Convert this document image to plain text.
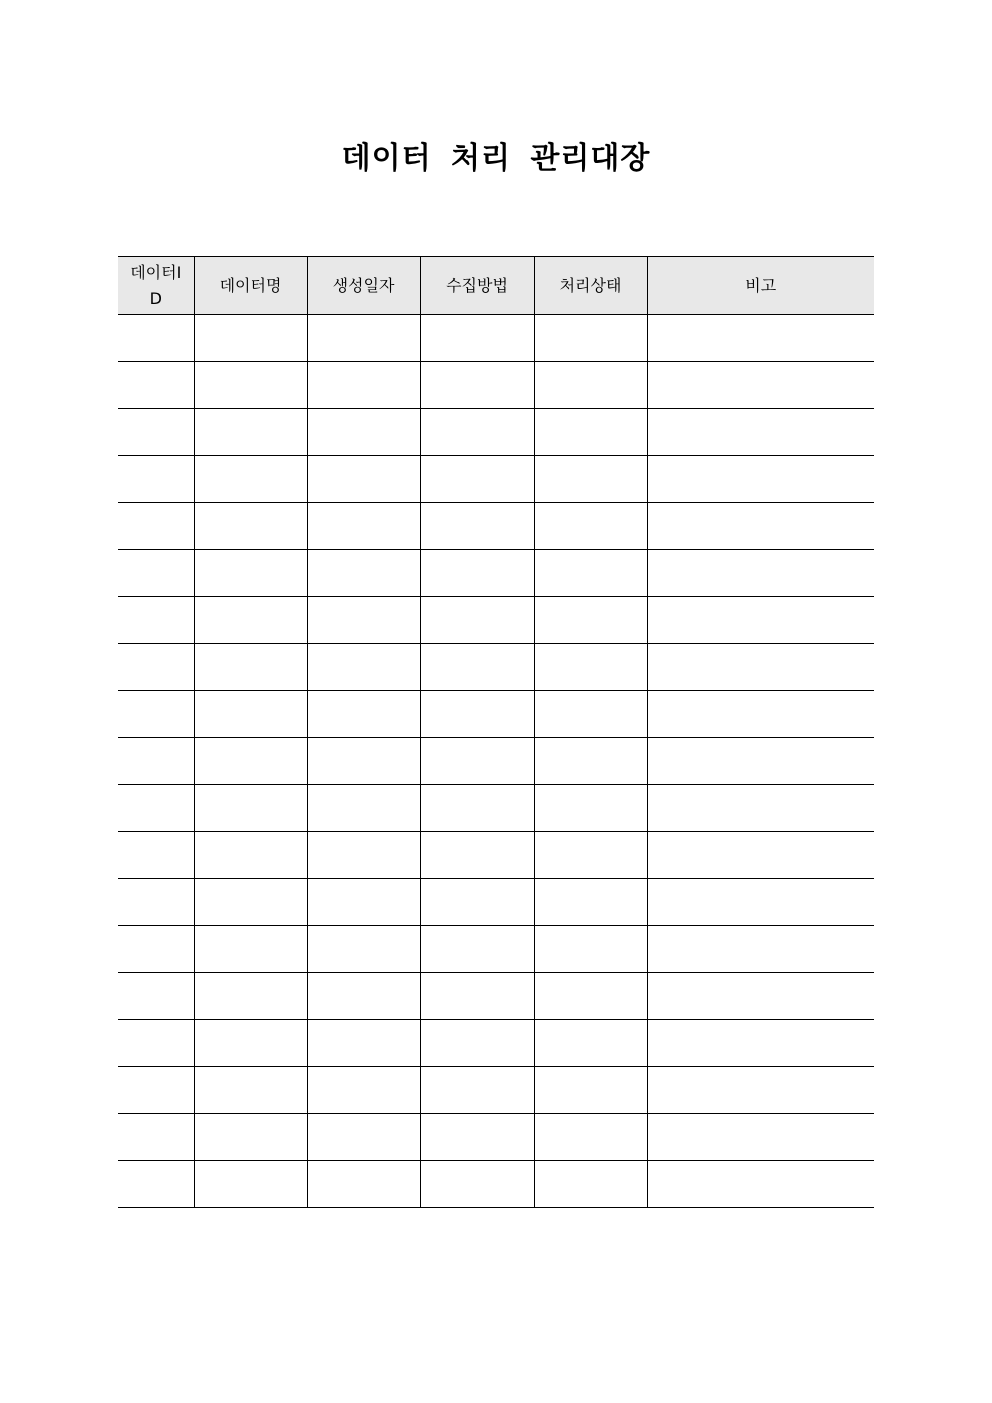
데이터 처리 관리대장
데이터ID	데이터명	생성일자	수집방법	처리상태	비고
